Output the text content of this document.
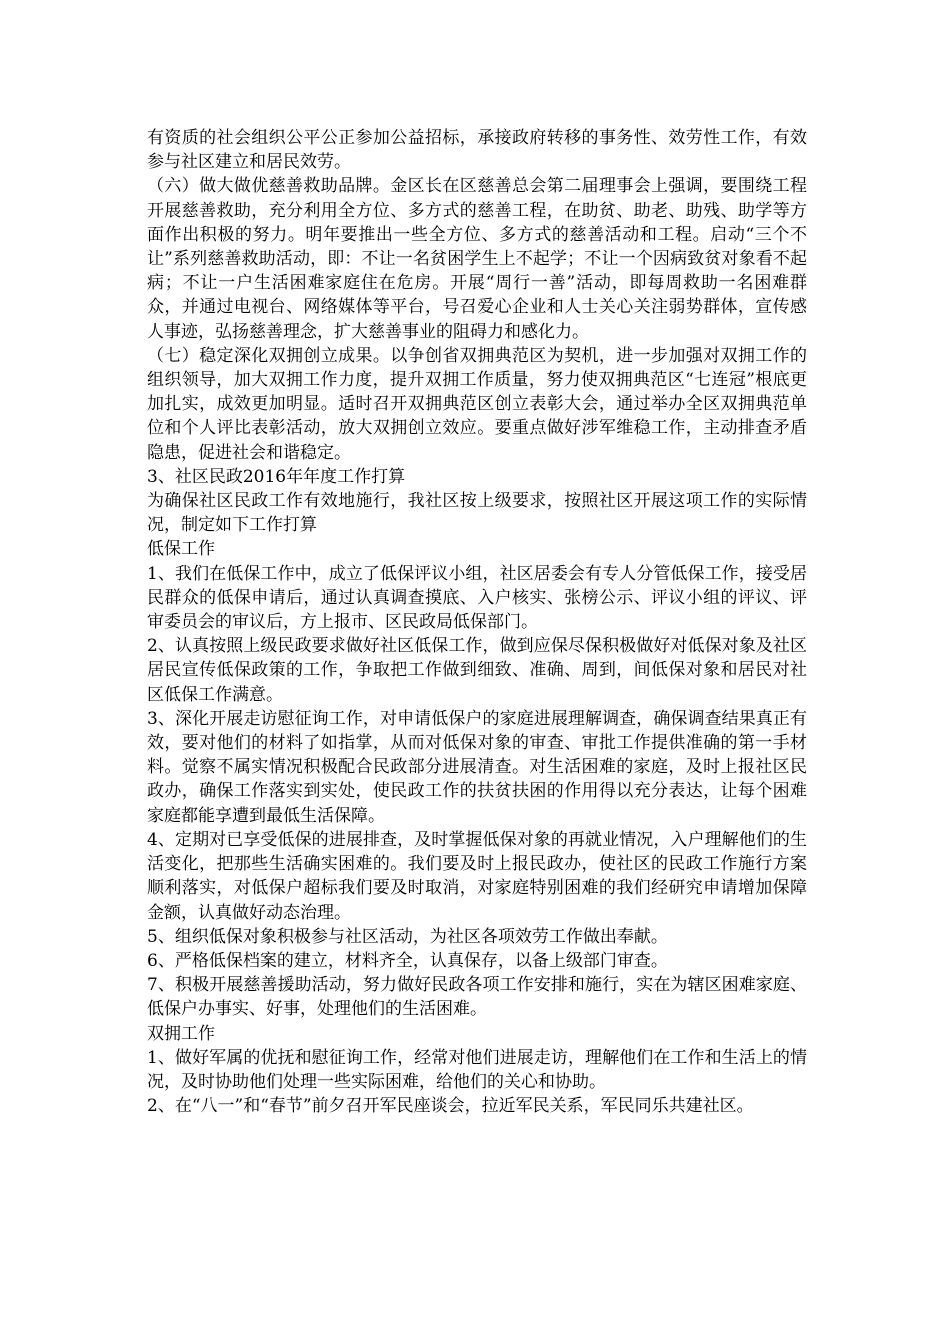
有资质的社会组织公平公正参加公益招标，承接政府转移的事务性、效劳性工作，有效参与社区建立和居民效劳。

（六）做大做优慈善救助品牌。金区长在区慈善总会第二届理事会上强调，要围绕工程开展慈善救助，充分利用全方位、多方式的慈善工程，在助贫、助老、助残、助学等方面作出积极的努力。明年要推出一些全方位、多方式的慈善活动和工程。启动“三个不让”系列慈善救助活动，即：不让一名贫困学生上不起学；不让一个因病致贫对象看不起病；不让一户生活困难家庭住在危房。开展“周行一善”活动，即每周救助一名困难群众，并通过电视台、网络媒体等平台，号召爱心企业和人士关心关注弱势群体，宣传感人事迹，弘扬慈善理念，扩大慈善事业的阻碍力和感化力。

（七）稳定深化双拥创立成果。以争创省双拥典范区为契机，进一步加强对双拥工作的组织领导，加大双拥工作力度，提升双拥工作质量，努力使双拥典范区“七连冠”根底更加扎实，成效更加明显。适时召开双拥典范区创立表彰大会，通过举办全区双拥典范单位和个人评比表彰活动，放大双拥创立效应。要重点做好涉军维稳工作，主动排查矛盾隐患，促进社会和谐稳定。

3、社区民政2016年年度工作打算

为确保社区民政工作有效地施行，我社区按上级要求，按照社区开展这项工作的实际情况，制定如下工作打算

低保工作

1、我们在低保工作中，成立了低保评议小组，社区居委会有专人分管低保工作，接受居民群众的低保申请后，通过认真调查摸底、入户核实、张榜公示、评议小组的评议、评审委员会的审议后，方上报市、区民政局低保部门。

2、认真按照上级民政要求做好社区低保工作，做到应保尽保积极做好对低保对象及社区居民宣传低保政策的工作，争取把工作做到细致、准确、周到，间低保对象和居民对社区低保工作满意。

3、深化开展走访慰征询工作，对申请低保户的家庭进展理解调查，确保调查结果真正有效，要对他们的材料了如指掌，从而对低保对象的审查、审批工作提供准确的第一手材料。觉察不属实情况积极配合民政部分进展清查。对生活困难的家庭，及时上报社区民政办，确保工作落实到实处，使民政工作的扶贫扶困的作用得以充分表达，让每个困难家庭都能享遭到最低生活保障。

4、定期对已享受低保的进展排查，及时掌握低保对象的再就业情况，入户理解他们的生活变化，把那些生活确实困难的。我们要及时上报民政办，使社区的民政工作施行方案顺利落实，对低保户超标我们要及时取消，对家庭特别困难的我们经研究申请增加保障金额，认真做好动态治理。

5、组织低保对象积极参与社区活动，为社区各项效劳工作做出奉献。

6、严格低保档案的建立，材料齐全，认真保存，以备上级部门审查。

7、积极开展慈善援助活动，努力做好民政各项工作安排和施行，实在为辖区困难家庭、低保户办事实、好事，处理他们的生活困难。

双拥工作

1、做好军属的优抚和慰征询工作，经常对他们进展走访，理解他们在工作和生活上的情况，及时协助他们处理一些实际困难，给他们的关心和协助。

2、在“八一”和“春节”前夕召开军民座谈会，拉近军民关系，军民同乐共建社区。
